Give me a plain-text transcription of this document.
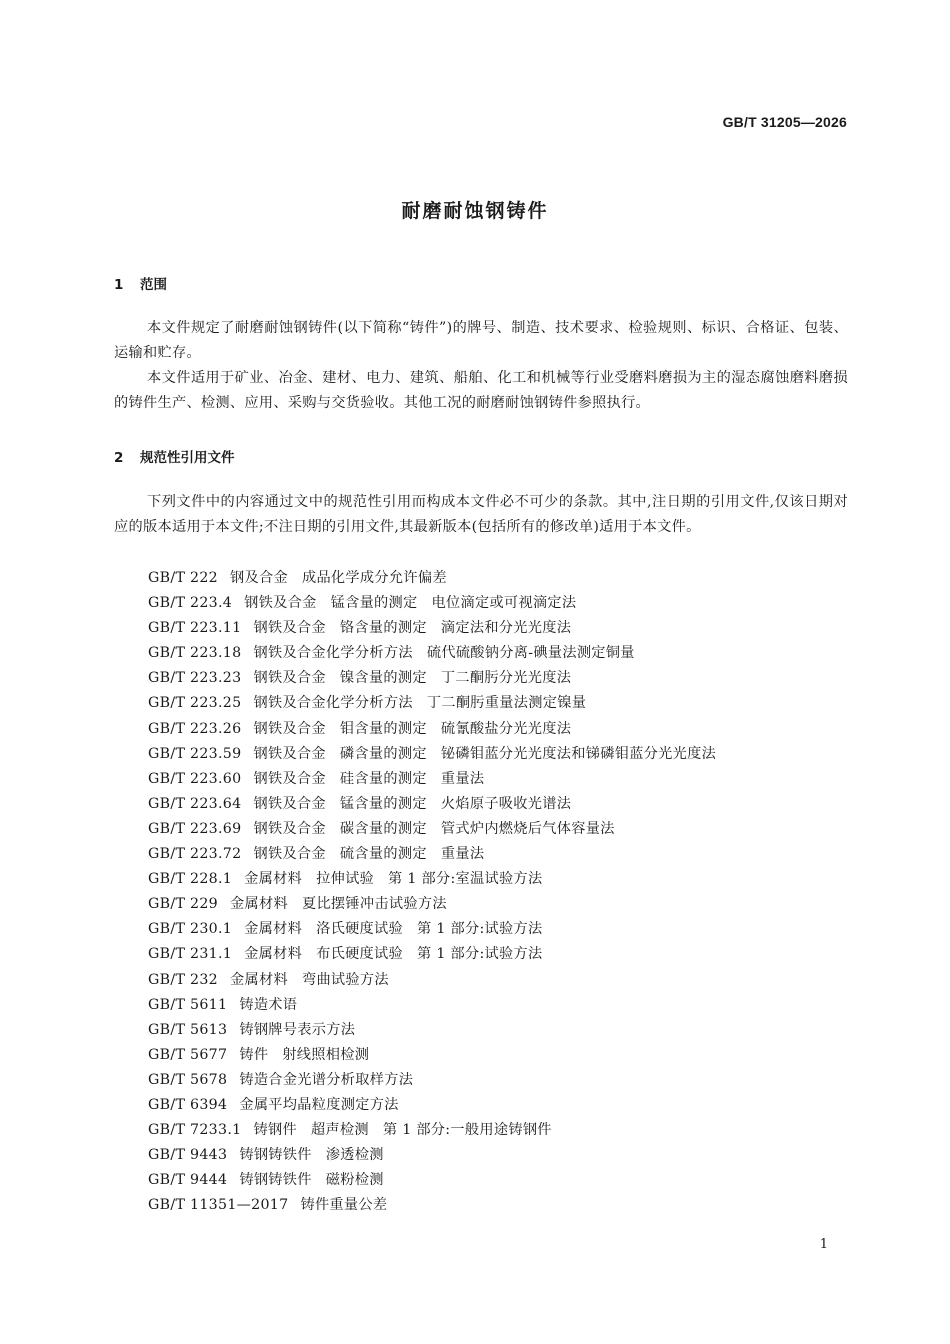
GB/T 31205—2026
耐磨耐蚀钢铸件
1 范围

本文件规定了耐磨耐蚀钢铸件(以下简称“铸件”)的牌号、制造、技术要求、检验规则、标识、合格证、包装、运输和贮存。

本文件适用于矿业、冶金、建材、电力、建筑、船舶、化工和机械等行业受磨料磨损为主的湿态腐蚀磨料磨损的铸件生产、检测、应用、采购与交货验收。其他工况的耐磨耐蚀钢铸件参照执行。

2 规范性引用文件

下列文件中的内容通过文中的规范性引用而构成本文件必不可少的条款。其中,注日期的引用文件,仅该日期对应的版本适用于本文件;不注日期的引用文件,其最新版本(包括所有的修改单)适用于本文件。

GB/T 222 钢及合金 成品化学成分允许偏差
GB/T 223.4 钢铁及合金 锰含量的测定 电位滴定或可视滴定法
GB/T 223.11 钢铁及合金 铬含量的测定 滴定法和分光光度法
GB/T 223.18 钢铁及合金化学分析方法 硫代硫酸钠分离-碘量法测定铜量
GB/T 223.23 钢铁及合金 镍含量的测定 丁二酮肟分光光度法
GB/T 223.25 钢铁及合金化学分析方法 丁二酮肟重量法测定镍量
GB/T 223.26 钢铁及合金 钼含量的测定 硫氰酸盐分光光度法
GB/T 223.59 钢铁及合金 磷含量的测定 铋磷钼蓝分光光度法和锑磷钼蓝分光光度法
GB/T 223.60 钢铁及合金 硅含量的测定 重量法
GB/T 223.64 钢铁及合金 锰含量的测定 火焰原子吸收光谱法
GB/T 223.69 钢铁及合金 碳含量的测定 管式炉内燃烧后气体容量法
GB/T 223.72 钢铁及合金 硫含量的测定 重量法
GB/T 228.1 金属材料 拉伸试验 第 1 部分:室温试验方法
GB/T 229 金属材料 夏比摆锤冲击试验方法
GB/T 230.1 金属材料 洛氏硬度试验 第 1 部分:试验方法
GB/T 231.1 金属材料 布氏硬度试验 第 1 部分:试验方法
GB/T 232 金属材料 弯曲试验方法
GB/T 5611 铸造术语
GB/T 5613 铸钢牌号表示方法
GB/T 5677 铸件 射线照相检测
GB/T 5678 铸造合金光谱分析取样方法
GB/T 6394 金属平均晶粒度测定方法
GB/T 7233.1 铸钢件 超声检测 第 1 部分:一般用途铸钢件
GB/T 9443 铸钢铸铁件 渗透检测
GB/T 9444 铸钢铸铁件 磁粉检测
GB/T 11351—2017 铸件重量公差
1
